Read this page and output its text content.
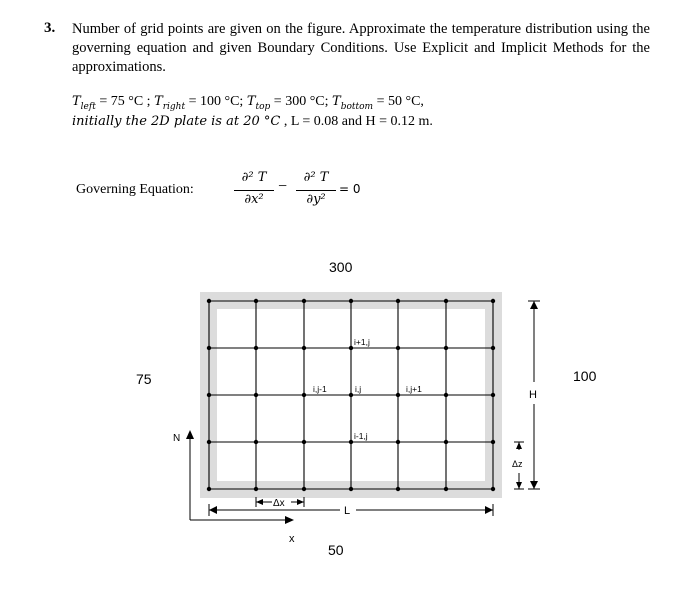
3. Number of grid points are given on the figure. Approximate the temperature distribution using the governing equation and given Boundary Conditions. Use Explicit and Implicit Methods for the approximations.
$T_{left} = 75$ °C ; $T_{right} = 100$ °C; $T_{top} = 300$ °C; $T_{bottom} = 50$ °C,
initially the 2D plate is at 20 °C , L = 0.08 and H = 0.12 m.
Governing Equation:
∂² T
∂x²
−
∂² T
∂y²
= 0
300
75	100
50
i+1,j
i,j-1	i,j	i,j+1
i-1,j
N
x
L
Δx
H
Δz
